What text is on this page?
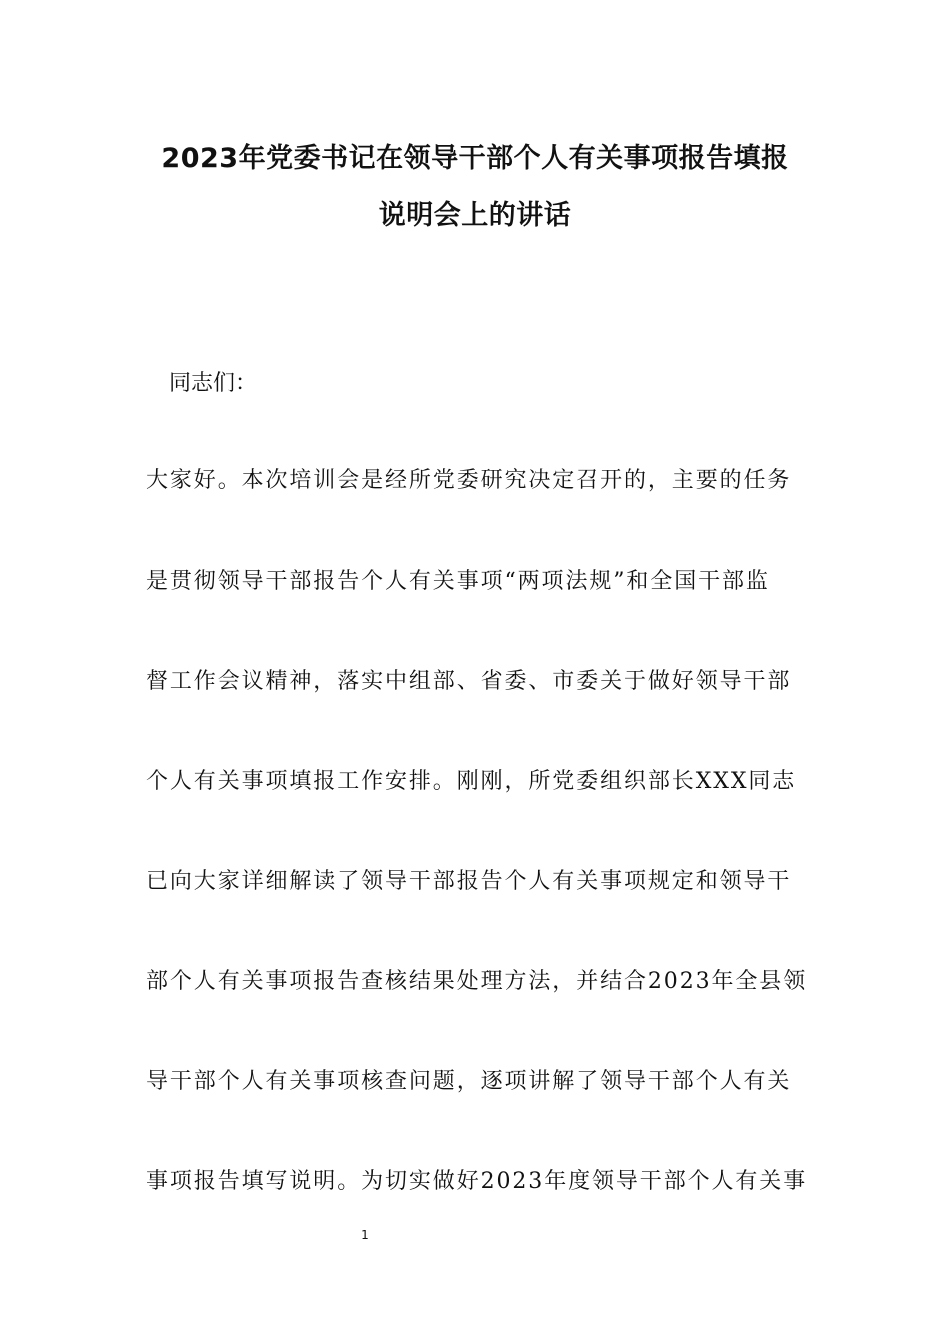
2023年党委书记在领导干部个人有关事项报告填报
说明会上的讲话
同志们：
大家好。本次培训会是经所党委研究决定召开的，主要的任务
是贯彻领导干部报告个人有关事项“两项法规”和全国干部监
督工作会议精神，落实中组部、省委、市委关于做好领导干部
个人有关事项填报工作安排。刚刚，所党委组织部长XXX同志
已向大家详细解读了领导干部报告个人有关事项规定和领导干
部个人有关事项报告查核结果处理方法，并结合2023年全县领
导干部个人有关事项核查问题，逐项讲解了领导干部个人有关
事项报告填写说明。为切实做好2023年度领导干部个人有关事
1
